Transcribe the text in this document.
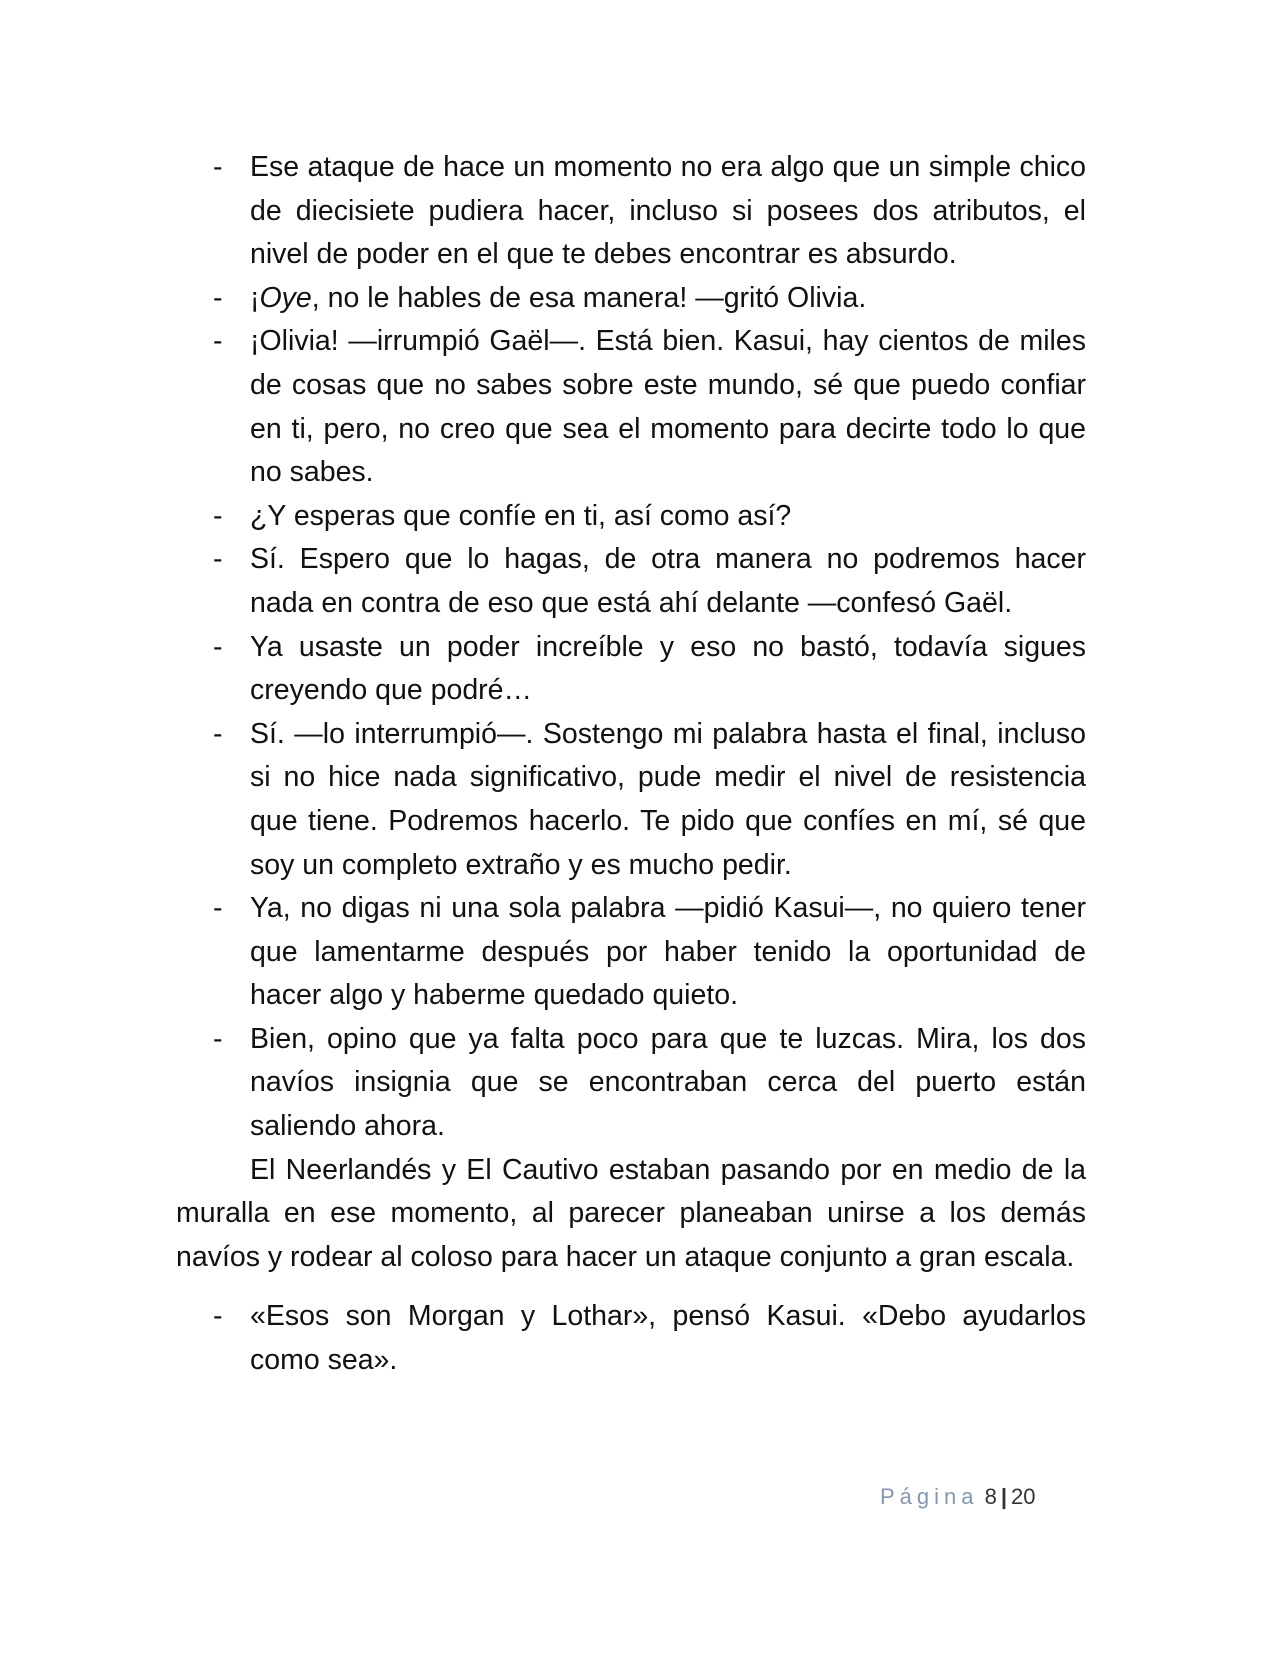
- Ese ataque de hace un momento no era algo que un simple chico de diecisiete pudiera hacer, incluso si posees dos atributos, el nivel de poder en el que te debes encontrar es absurdo.

- ¡Oye, no le hables de esa manera! —gritó Olivia.

- ¡Olivia! —irrumpió Gaël—. Está bien. Kasui, hay cientos de miles de cosas que no sabes sobre este mundo, sé que puedo confiar en ti, pero, no creo que sea el momento para decirte todo lo que no sabes.

- ¿Y esperas que confíe en ti, así como así?

- Sí. Espero que lo hagas, de otra manera no podremos hacer nada en contra de eso que está ahí delante —confesó Gaël.

- Ya usaste un poder increíble y eso no bastó, todavía sigues creyendo que podré…

- Sí. —lo interrumpió—. Sostengo mi palabra hasta el final, incluso si no hice nada significativo, pude medir el nivel de resistencia que tiene. Podremos hacerlo. Te pido que confíes en mí, sé que soy un completo extraño y es mucho pedir.

- Ya, no digas ni una sola palabra —pidió Kasui—, no quiero tener que lamentarme después por haber tenido la oportunidad de hacer algo y haberme quedado quieto.

- Bien, opino que ya falta poco para que te luzcas. Mira, los dos navíos insignia que se encontraban cerca del puerto están saliendo ahora.

El Neerlandés y El Cautivo estaban pasando por en medio de la muralla en ese momento, al parecer planeaban unirse a los demás navíos y rodear al coloso para hacer un ataque conjunto a gran escala.

- «Esos son Morgan y Lothar», pensó Kasui. «Debo ayudarlos como sea».

Página 8 | 20
